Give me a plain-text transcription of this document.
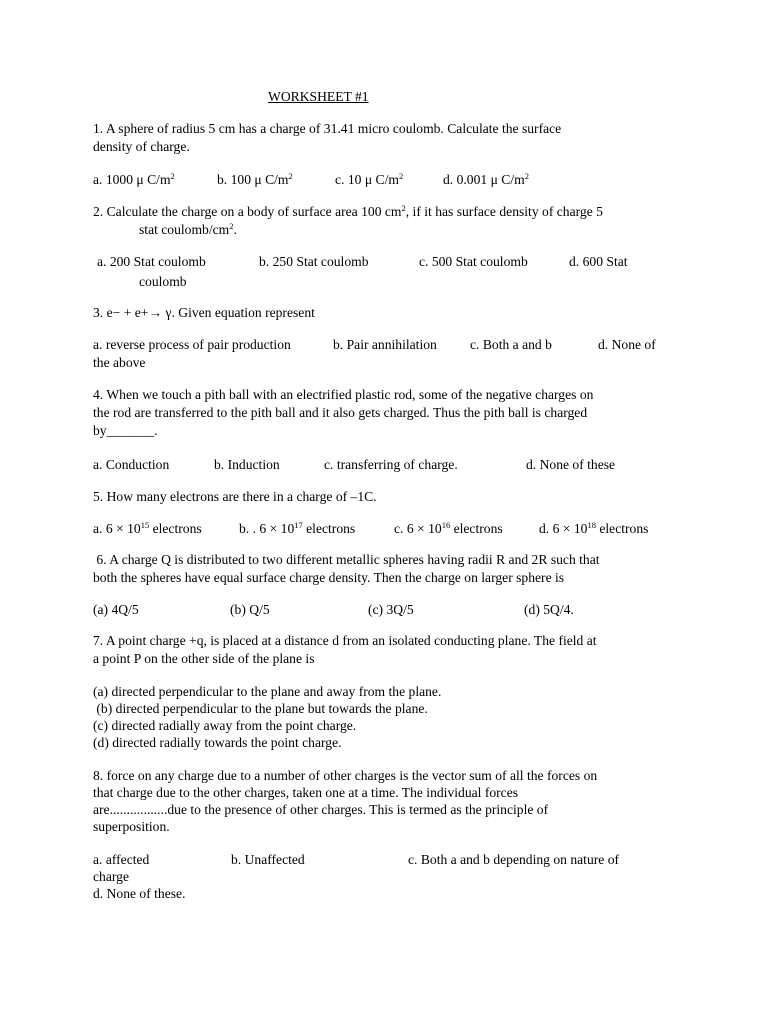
WORKSHEET #1

1. A sphere of radius 5 cm has a charge of 31.41 micro coulomb. Calculate the surface

density of charge.

a. 1000 μ $C/m^2$	b. 100 μ $C/m^2$	c. 10 μ $C/m^2$	d. 0.001 μ $C/m^2$

2. Calculate the charge on a body of surface area 100 $cm^2$, if it has surface density of charge 5

stat coulomb/$cm^2$.

a. 200 Stat coulomb	b. 250 Stat coulomb	c. 500 Stat coulomb	d. 600 Stat
coulomb
3. e− + e+→ γ. Given equation represent
a. reverse process of pair production	b. Pair annihilation c. Both a and b	d. None of
the above

4. When we touch a pith ball with an electrified plastic rod, some of the negative charges on

the rod are transferred to the pith ball and it also gets charged. Thus the pith ball is charged

by_______.

a. Conduction	b. Induction	c. transferring of charge.	d. None of these
5. How many electrons are there in a charge of –1C.
a. $6 \times 10^{15}$ electrons	b. . $6 \times 10^{17}$ electrons	c. $6 \times 10^{16}$ electrons	d. $6 \times 10^{18}$ electrons

6. A charge Q is distributed to two different metallic spheres having radii R and 2R such that

both the spheres have equal surface charge density. Then the charge on larger sphere is

(a) 4Q/5	(b) Q/5	(c) 3Q/5	(d) 5Q/4.

7. A point charge +q, is placed at a distance d from an isolated conducting plane. The field at

a point P on the other side of the plane is

(a) directed perpendicular to the plane and away from the plane.

(b) directed perpendicular to the plane but towards the plane.

(c) directed radially away from the point charge.

(d) directed radially towards the point charge.

8. force on any charge due to a number of other charges is the vector sum of all the forces on

that charge due to the other charges, taken one at a time. The individual forces

are.................due to the presence of other charges. This is termed as the principle of

superposition.

a. affected	b. Unaffected	c. Both a and b depending on nature of
charge
d. None of these.
